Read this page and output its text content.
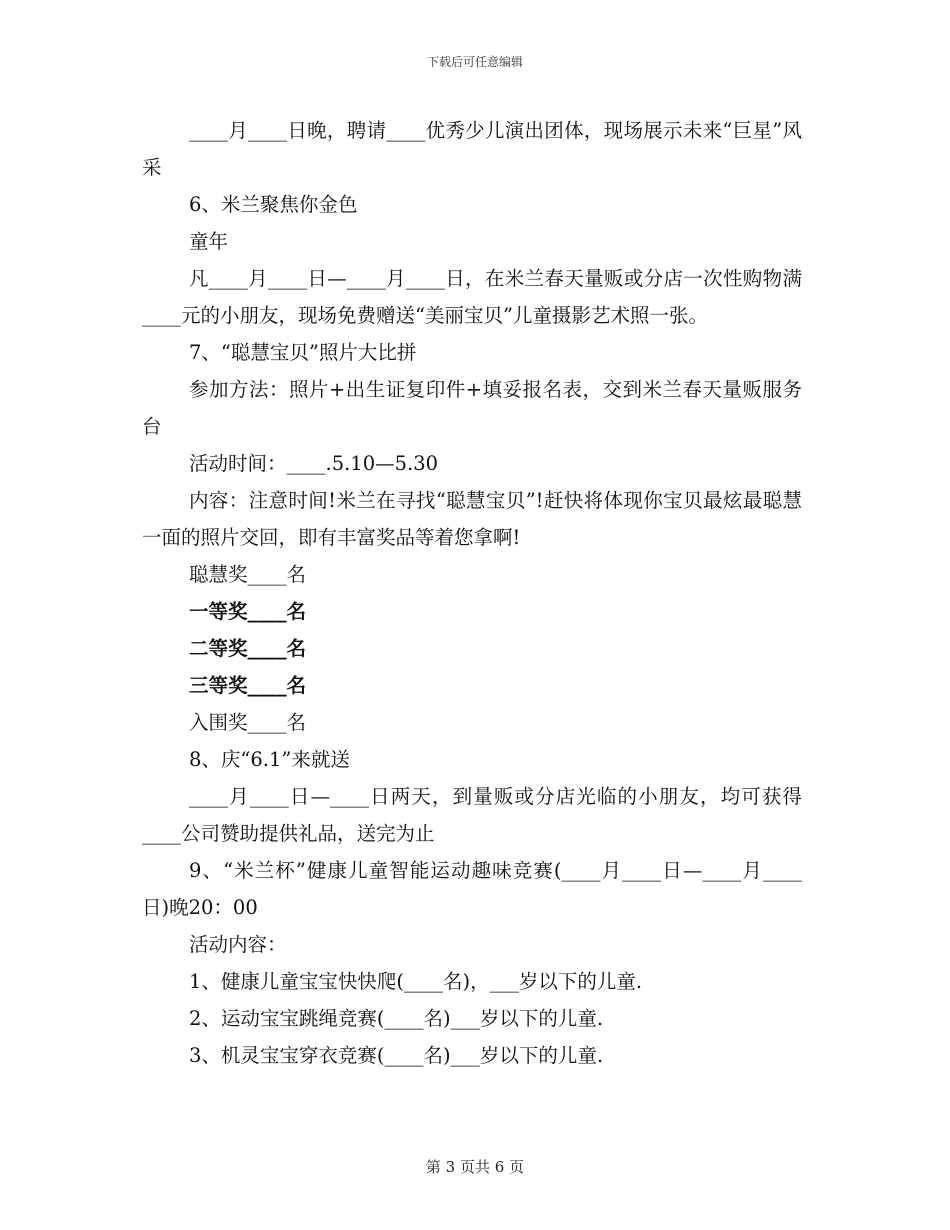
下载后可任意编辑

____月____日晚，聘请____优秀少儿演出团体，现场展示未来“巨星”风采

6、米兰聚焦你金色

童年

凡____月____日—____月____日，在米兰春天量贩或分店一次性购物满____元的小朋友，现场免费赠送“美丽宝贝”儿童摄影艺术照一张。

7、“聪慧宝贝”照片大比拼

参加方法：照片+出生证复印件+填妥报名表，交到米兰春天量贩服务台

活动时间：____.5.10—5.30

内容：注意时间!米兰在寻找“聪慧宝贝”!赶快将体现你宝贝最炫最聪慧一面的照片交回，即有丰富奖品等着您拿啊!

聪慧奖____名

一等奖____名

二等奖____名

三等奖____名

入围奖____名

8、庆“6.1”来就送

____月____日—____日两天，到量贩或分店光临的小朋友，均可获得____公司赞助提供礼品，送完为止

9、“米兰杯”健康儿童智能运动趣味竞赛(____月____日—____月____日)晚20：00

活动内容：

1、健康儿童宝宝快快爬(____名)，___岁以下的儿童.

2、运动宝宝跳绳竞赛(____名)___岁以下的儿童.

3、机灵宝宝穿衣竞赛(____名)___岁以下的儿童.

第 3 页共 6 页
